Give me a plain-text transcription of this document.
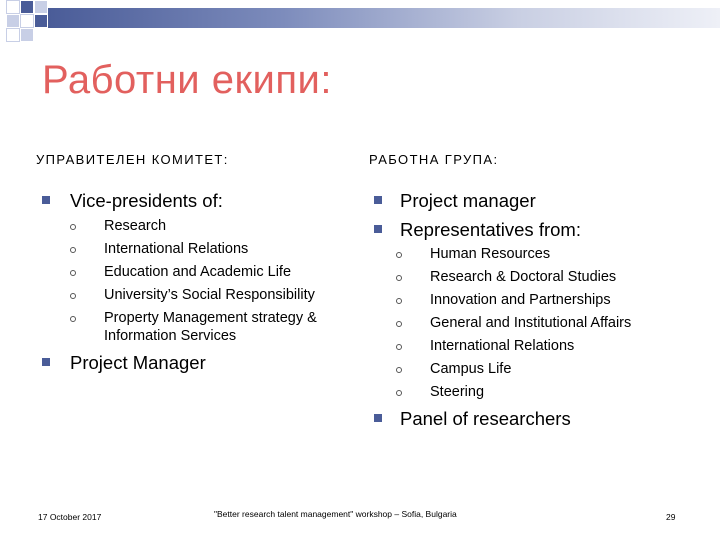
Работни екипи:
УПРАВИТЕЛЕН КОМИТЕТ:
Vice-presidents of:
Research
International Relations
Education and Academic Life
University’s Social Responsibility
Property Management strategy & Information Services
Project Manager
РАБОТНА ГРУПА:
Project manager
Representatives from:
Human Resources
Research & Doctoral Studies
Innovation and Partnerships
General and Institutional Affairs
International Relations
Campus Life
Steering
Panel of researchers
17 October 2017	"Better research talent management" workshop – Sofia, Bulgaria	29
